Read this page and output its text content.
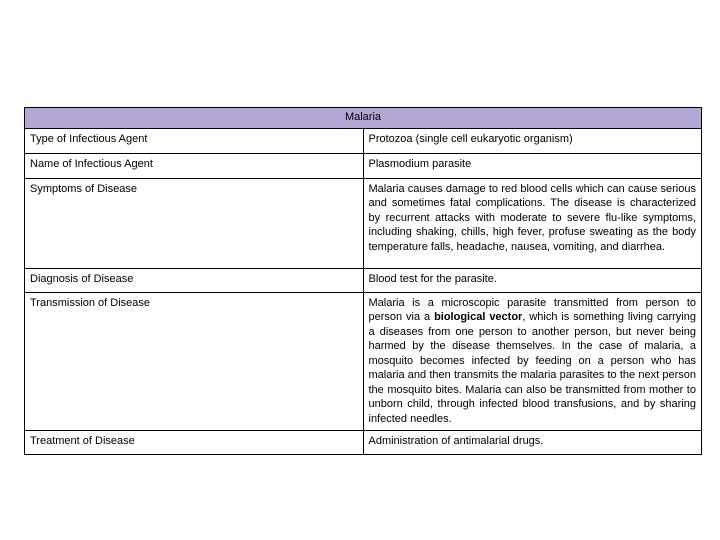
Malaria	
Type of Infectious Agent	Protozoa (single cell eukaryotic organism)
Name of Infectious Agent	Plasmodium parasite
Symptoms of Disease	Malaria causes damage to red blood cells which can cause serious and sometimes fatal complications. The disease is characterized by recurrent attacks with moderate to severe flu-like symptoms, including shaking, chills, high fever, profuse sweating as the body temperature falls, headache, nausea, vomiting, and diarrhea.
Diagnosis of Disease	Blood test for the parasite.
Transmission of Disease	Malaria is a microscopic parasite transmitted from person to person via a biological vector, which is something living carrying a diseases from one person to another person, but never being harmed by the disease themselves. In the case of malaria, a mosquito becomes infected by feeding on a person who has malaria and then transmits the malaria parasites to the next person the mosquito bites. Malaria can also be transmitted from mother to unborn child, through infected blood transfusions, and by sharing infected needles.
Treatment of Disease	Administration of antimalarial drugs.
